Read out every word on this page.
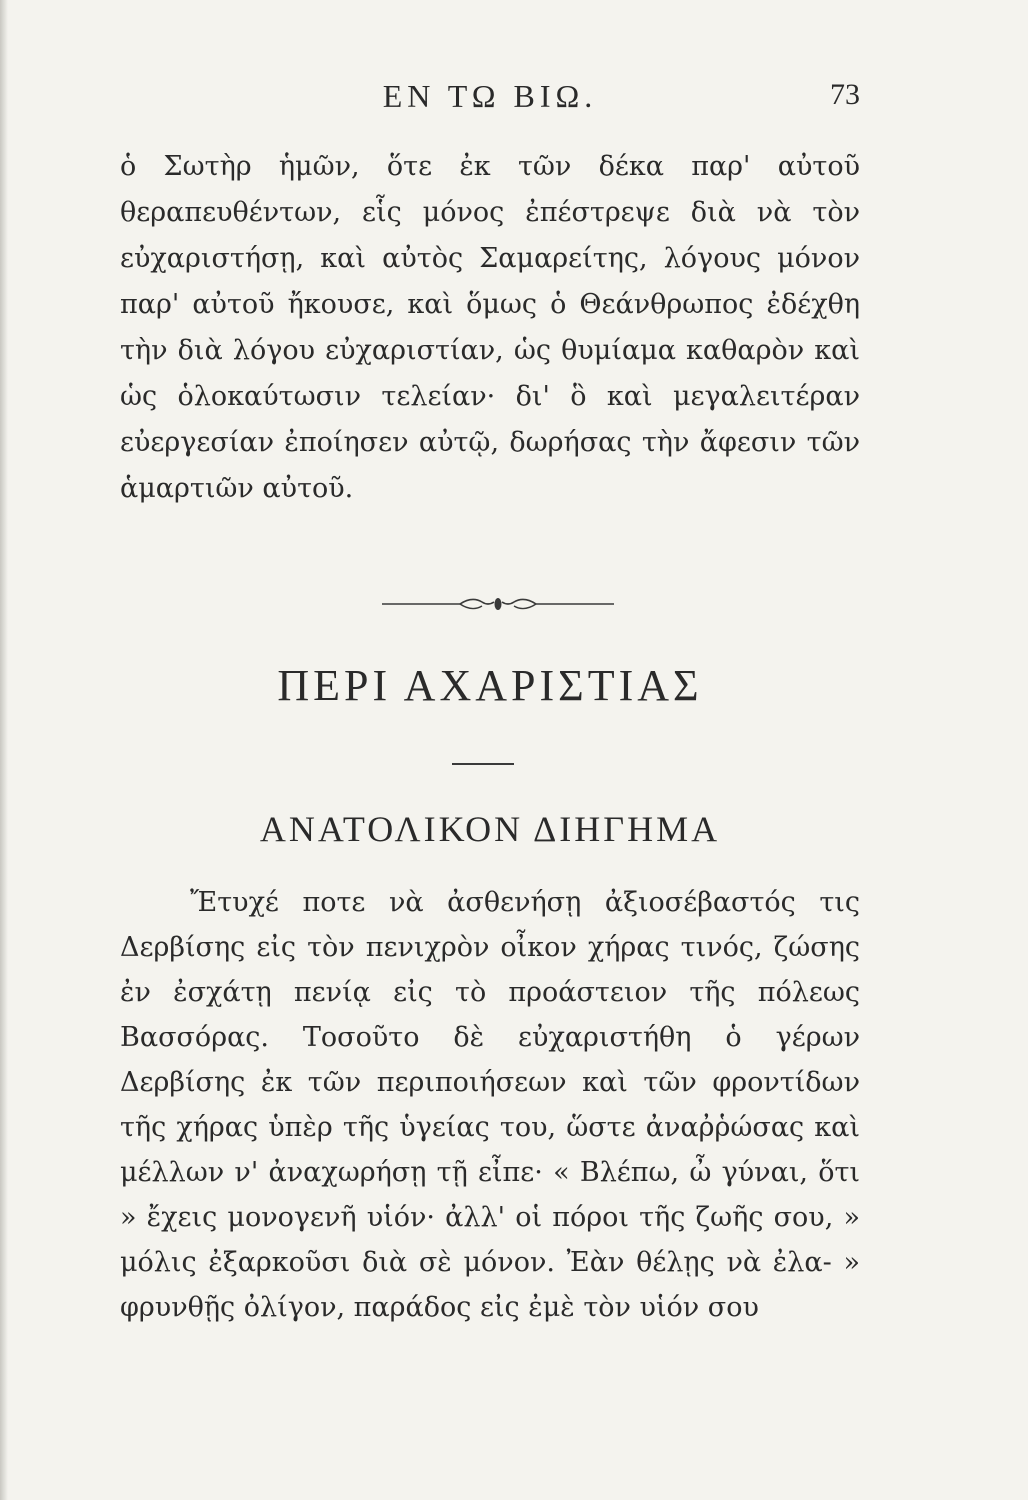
ΕΝ ΤΩ ΒΙΩ.	73

ὁ Σωτὴρ ἡμῶν, ὅτε ἐκ τῶν δέκα παρ' αὐτοῦ θεραπευθέντων, εἷς μόνος ἐπέστρεψε διὰ νὰ τὸν εὐχαριστήσῃ, καὶ αὐτὸς Σαμαρείτης, λόγους μόνον παρ' αὐτοῦ ἤκουσε, καὶ ὅμως ὁ Θεάνθρωπος ἐδέχθη τὴν διὰ λόγου εὐχαριστίαν, ὡς θυμίαμα καθαρὸν καὶ ὡς ὁλοκαύτωσιν τελείαν· δι' ὃ καὶ μεγαλειτέραν εὐεργεσίαν ἐποίησεν αὐτῷ, δωρήσας τὴν ἄφεσιν τῶν ἁμαρτιῶν αὐτοῦ.

ΠΕΡΙ ΑΧΑΡΙΣΤΙΑΣ
ΑΝΑΤΟΛΙΚΟΝ ΔΙΗΓΗΜΑ

Ἔτυχέ ποτε νὰ ἀσθενήσῃ ἀξιοσέβαστός τις Δερβίσης εἰς τὸν πενιχρὸν οἶκον χήρας τινός, ζώσης ἐν ἐσχάτῃ πενίᾳ εἰς τὸ προάστειον τῆς πόλεως Βασσόρας. Τοσοῦτο δὲ εὐχαριστήθη ὁ γέρων Δερβίσης ἐκ τῶν περιποιήσεων καὶ τῶν φροντίδων τῆς χήρας ὑπὲρ τῆς ὑγείας του, ὥστε ἀναῤῥώσας καὶ μέλλων ν' ἀναχωρήσῃ τῇ εἶπε· « Βλέπω, ὦ γύναι, ὅτι » ἔχεις μονογενῆ υἱόν· ἀλλ' οἱ πόροι τῆς ζωῆς σου, » μόλις ἐξαρκοῦσι διὰ σὲ μόνον. Ἐὰν θέλῃς νὰ ἐλα- » φρυνθῇς ὀλίγον, παράδος εἰς ἐμὲ τὸν υἱόν σου
